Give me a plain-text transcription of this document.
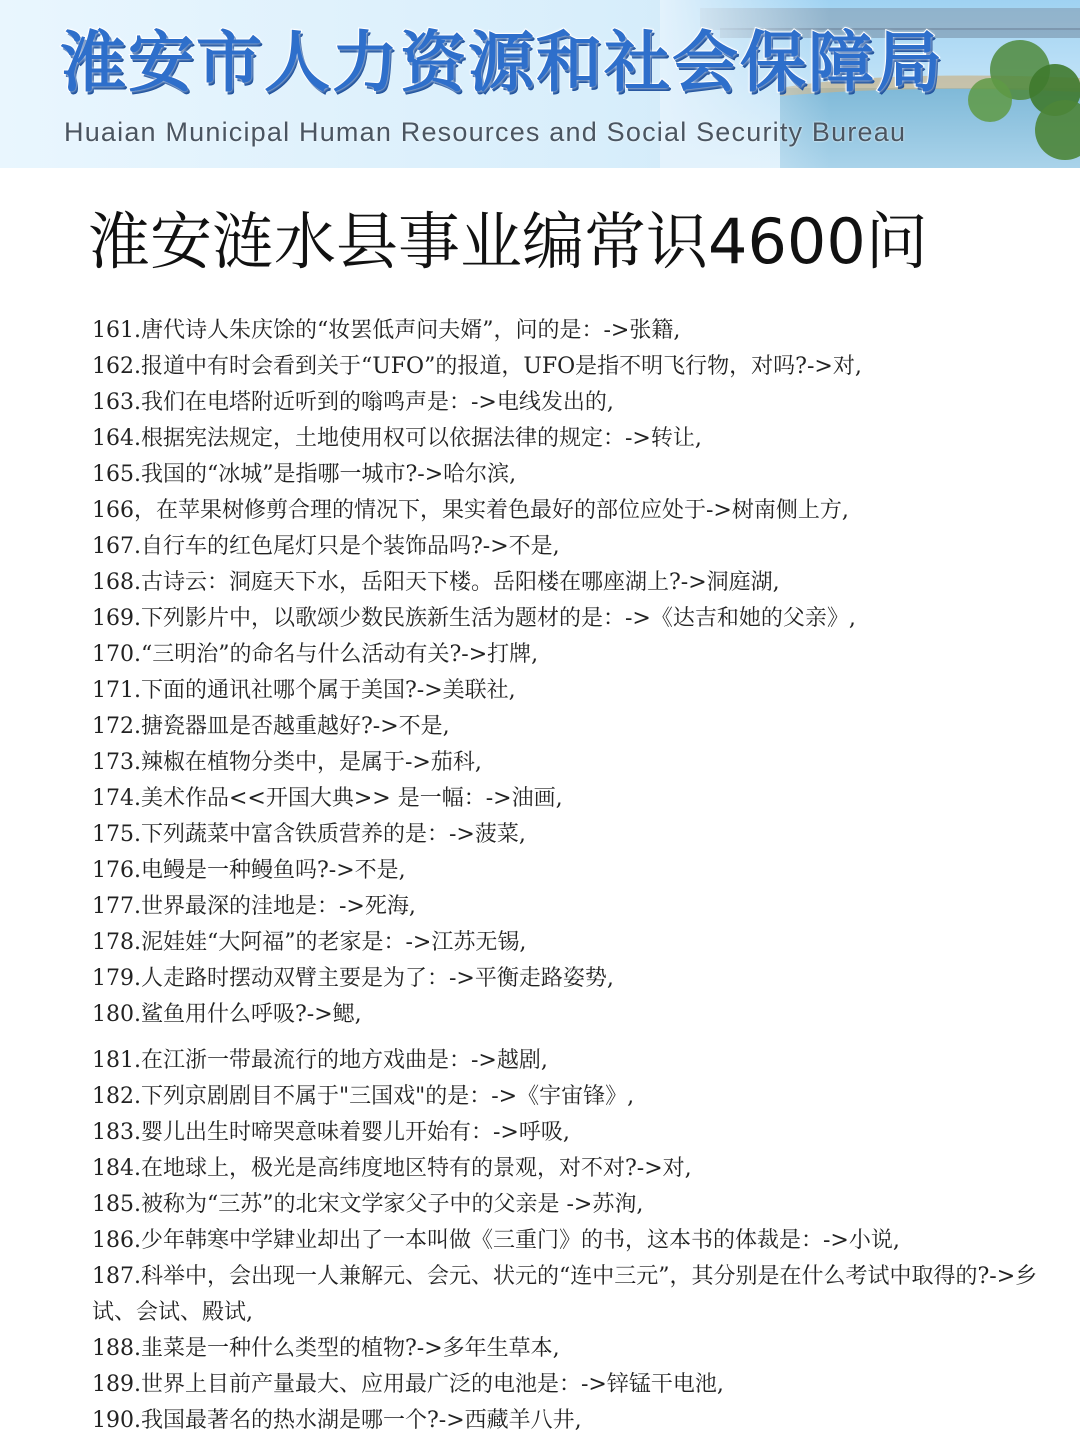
淮安市人力资源和社会保障局
Huaian Municipal Human Resources and Social Security Bureau
淮安涟水县事业编常识4600问
161.唐代诗人朱庆馀的“妆罢低声问夫婿”，问的是：->张籍,
162.报道中有时会看到关于“UFO”的报道，UFO是指不明飞行物，对吗?->对,
163.我们在电塔附近听到的嗡鸣声是：->电线发出的,
164.根据宪法规定，土地使用权可以依据法律的规定：->转让,
165.我国的“冰城”是指哪一城市?->哈尔滨,
166，在苹果树修剪合理的情况下，果实着色最好的部位应处于->树南侧上方,
167.自行车的红色尾灯只是个装饰品吗?->不是,
168.古诗云：洞庭天下水，岳阳天下楼。岳阳楼在哪座湖上?->洞庭湖,
169.下列影片中，以歌颂少数民族新生活为题材的是：->《达吉和她的父亲》,
170.“三明治”的命名与什么活动有关?->打牌,
171.下面的通讯社哪个属于美国?->美联社,
172.搪瓷器皿是否越重越好?->不是,
173.辣椒在植物分类中，是属于->茄科,
174.美术作品<<开国大典>> 是一幅：->油画,
175.下列蔬菜中富含铁质营养的是：->菠菜,
176.电鳗是一种鳗鱼吗?->不是,
177.世界最深的洼地是：->死海,
178.泥娃娃“大阿福”的老家是：->江苏无锡,
179.人走路时摆动双臂主要是为了：->平衡走路姿势,
180.鲨鱼用什么呼吸?->鳃,
181.在江浙一带最流行的地方戏曲是：->越剧,
182.下列京剧剧目不属于"三国戏"的是：->《宇宙锋》,
183.婴儿出生时啼哭意味着婴儿开始有：->呼吸,
184.在地球上，极光是高纬度地区特有的景观，对不对?->对,
185.被称为“三苏”的北宋文学家父子中的父亲是 ->苏洵,
186.少年韩寒中学肄业却出了一本叫做《三重门》的书，这本书的体裁是：->小说,
187.科举中，会出现一人兼解元、会元、状元的“连中三元”，其分别是在什么考试中取得的?->乡试、会试、殿试,
188.韭菜是一种什么类型的植物?->多年生草本,
189.世界上目前产量最大、应用最广泛的电池是：->锌锰干电池,
190.我国最著名的热水湖是哪一个?->西藏羊八井,
